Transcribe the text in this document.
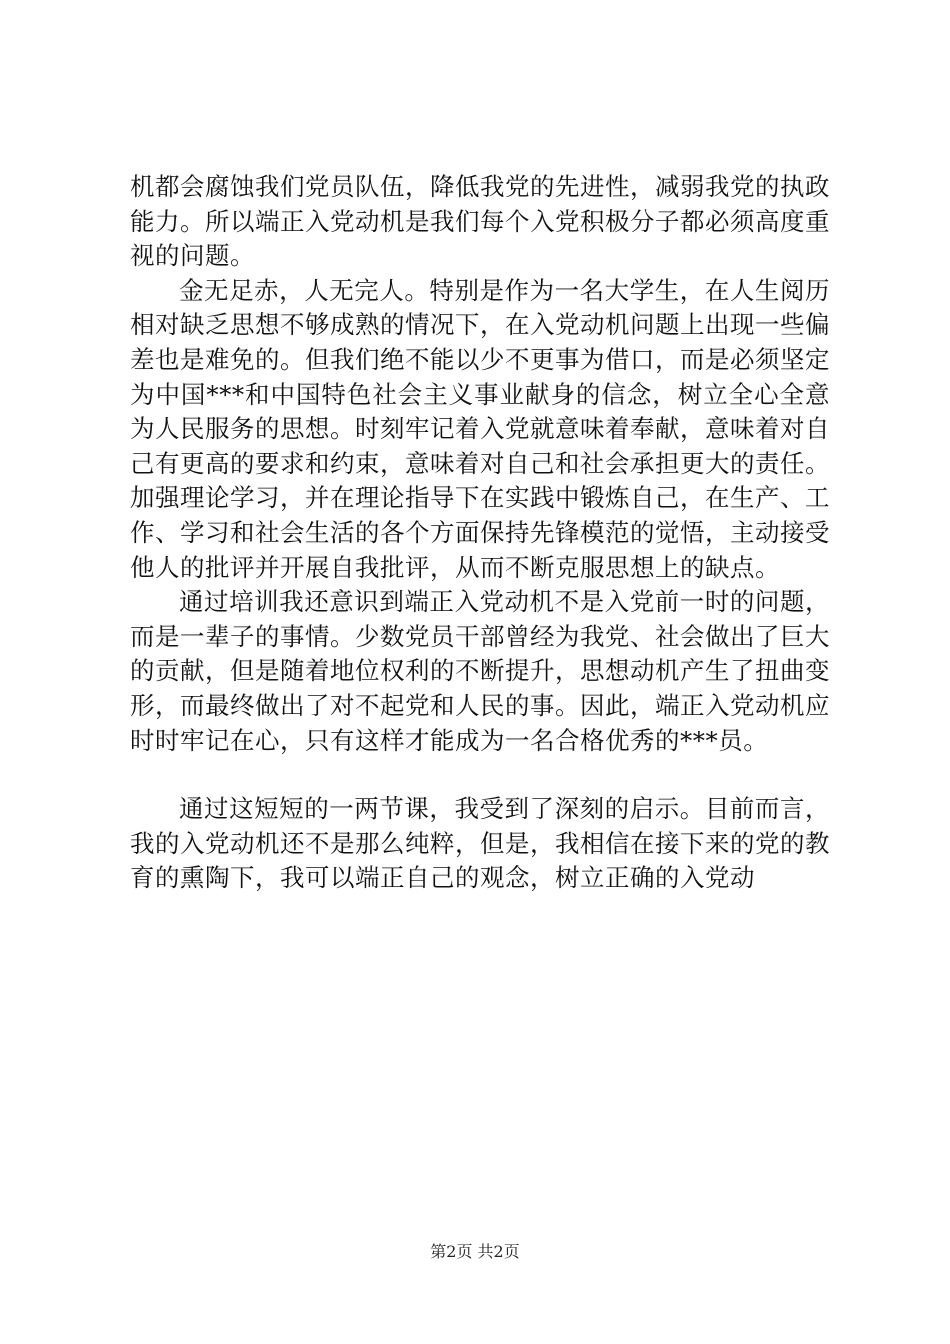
机都会腐蚀我们党员队伍，降低我党的先进性，减弱我党的执政能力。所以端正入党动机是我们每个入党积极分子都必须高度重视的问题。

金无足赤，人无完人。特别是作为一名大学生，在人生阅历相对缺乏思想不够成熟的情况下，在入党动机问题上出现一些偏差也是难免的。但我们绝不能以少不更事为借口，而是必须坚定为中国***和中国特色社会主义事业献身的信念，树立全心全意为人民服务的思想。时刻牢记着入党就意味着奉献，意味着对自己有更高的要求和约束，意味着对自己和社会承担更大的责任。加强理论学习，并在理论指导下在实践中锻炼自己，在生产、工作、学习和社会生活的各个方面保持先锋模范的觉悟，主动接受他人的批评并开展自我批评，从而不断克服思想上的缺点。

通过培训我还意识到端正入党动机不是入党前一时的问题，而是一辈子的事情。少数党员干部曾经为我党、社会做出了巨大的贡献，但是随着地位权利的不断提升，思想动机产生了扭曲变形，而最终做出了对不起党和人民的事。因此，端正入党动机应时时牢记在心，只有这样才能成为一名合格优秀的***员。

通过这短短的一两节课，我受到了深刻的启示。目前而言，我的入党动机还不是那么纯粹，但是，我相信在接下来的党的教育的熏陶下，我可以端正自己的观念，树立正确的入党动

第2页 共2页
